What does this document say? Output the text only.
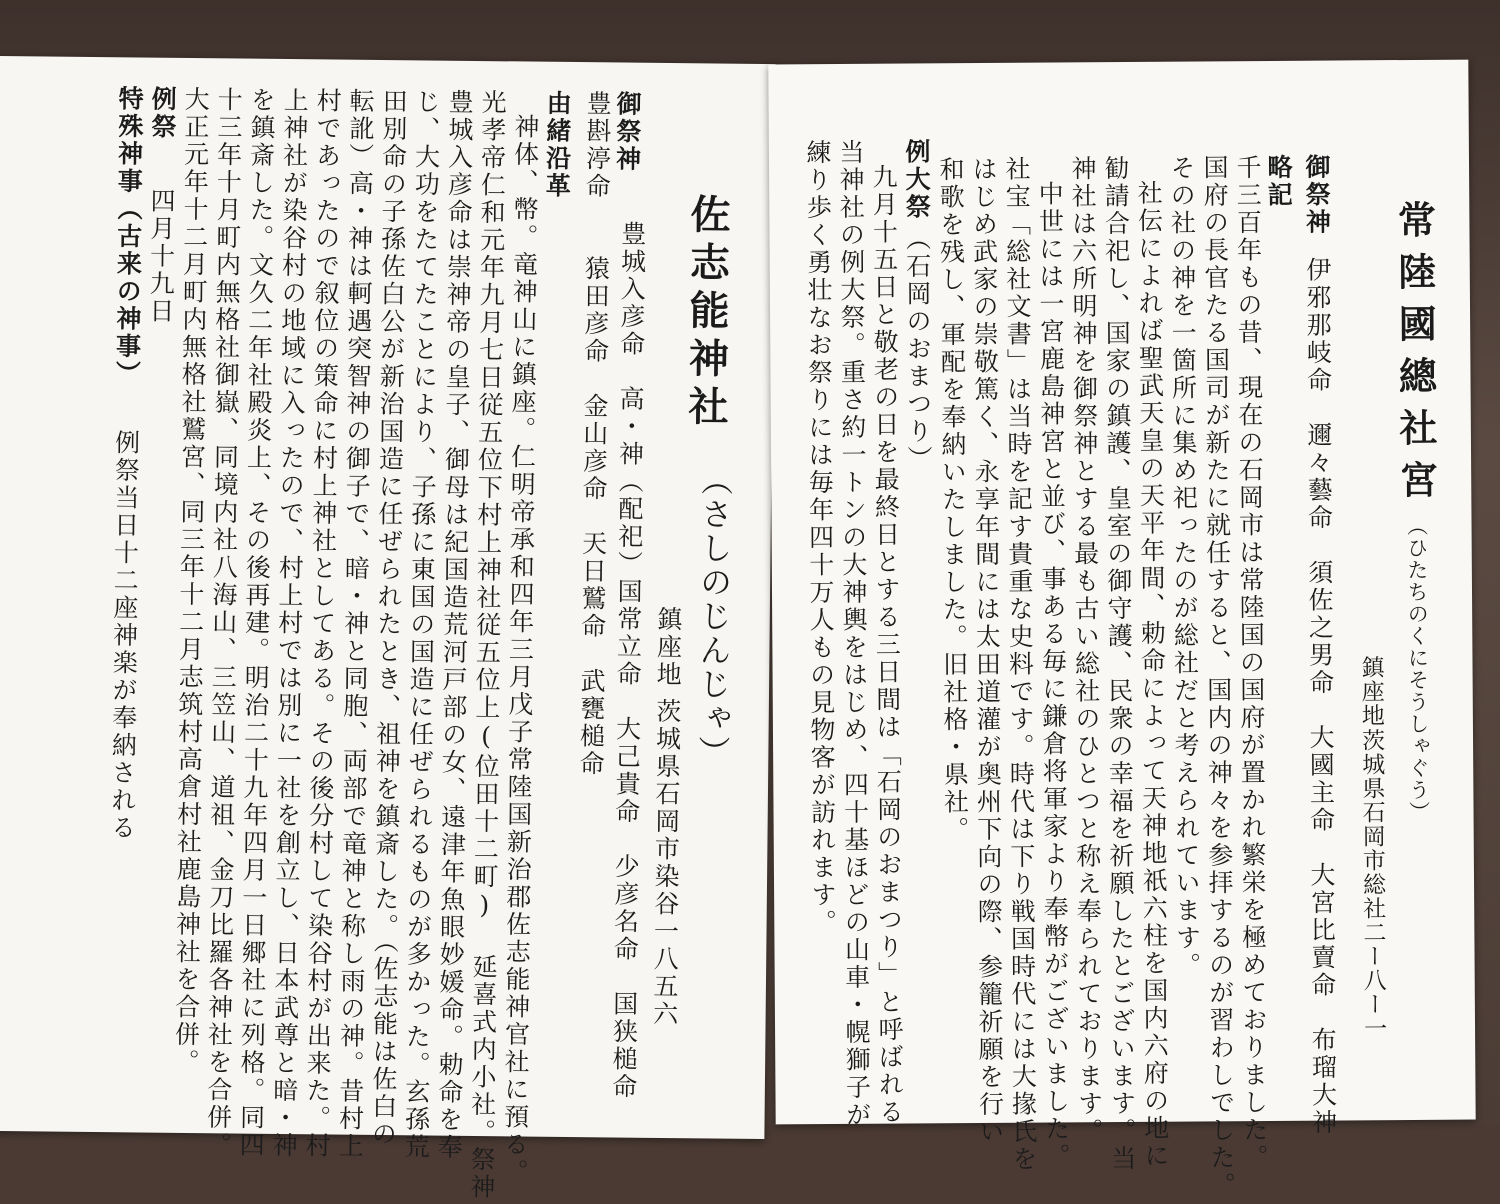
佐志能神社
（さしのじんじゃ）
鎮座地
茨城県石岡市染谷一八五六
御祭神
豊城入彦命　高・神（配祀）国常立命　大己貴命　少彦名命　国狭槌命
豊斟渟命　　猿田彦命　金山彦命　天日鷲命　武甕槌命
由緒沿革
神体、幣。竜神山に鎮座。仁明帝承和四年三月戊子常陸国新治郡佐志能神官社に預る。
光孝帝仁和元年九月七日従五位下村上神社従五位上(位田十二町) 延喜式内小社。祭神
豊城入彦命は崇神帝の皇子、御母は紀国造荒河戸部の女、遠津年魚眼妙媛命。勅命を奉
じ、大功をたてたことにより、子孫に東国の国造に任ぜられるものが多かった。玄孫荒
田別命の子孫佐白公が新治国造に任ぜられたとき、祖神を鎮斎した。（佐志能は佐白の
転訛）高・神は軻遇突智神の御子で、暗・神と同胞、両部で竜神と称し雨の神。昔村上
村であったので叙位の策命に村上神社としてある。その後分村して染谷村が出来た。村
上神社が染谷村の地域に入ったので、村上村では別に一社を創立し、日本武尊と暗・神
を鎮斎した。文久二年社殿炎上、その後再建。明治二十九年四月一日郷社に列格。同四
十三年十月町内無格社御嶽、同境内社八海山、三笠山、道祖、金刀比羅各神社を合併。
大正元年十二月町内無格社鷲宮、同三年十二月志筑村高倉村社鹿島神社を合併。
例祭
四月十九日
特殊神事（古来の神事）
例祭当日十二座神楽が奉納される
常陸國總社宮
（ひたちのくにそうしゃぐう）
鎮座地
茨城県石岡市総社二ー八ー一
御祭神
伊邪那岐命　邇々藝命　須佐之男命　大國主命　大宮比賣命　布瑠大神
略記
千三百年もの昔、現在の石岡市は常陸国の国府が置かれ繁栄を極めておりました。
国府の長官たる国司が新たに就任すると、国内の神々を参拝するのが習わしでした。
その社の神を一箇所に集め祀ったのが総社だと考えられています。
社伝によれば聖武天皇の天平年間、勅命によって天神地祇六柱を国内六府の地に
勧請合祀し、国家の鎮護、皇室の御守護、民衆の幸福を祈願したとございます。当
神社は六所明神を御祭神とする最も古い総社のひとつと称え奉られております。
中世には一宮鹿島神宮と並び、事ある毎に鎌倉将軍家より奉幣がございました。
社宝「総社文書」は当時を記す貴重な史料です。時代は下り戦国時代には大掾氏を
はじめ武家の崇敬篤く、永享年間には太田道灌が奥州下向の際、参籠祈願を行い
和歌を残し、軍配を奉納いたしました。旧社格・県社。
例大祭
（石岡のおまつり）
九月十五日と敬老の日を最終日とする三日間は「石岡のおまつり」と呼ばれる
当神社の例大祭。重さ約一トンの大神輿をはじめ、四十基ほどの山車・幌獅子が
練り歩く勇壮なお祭りには毎年四十万人もの見物客が訪れます。
